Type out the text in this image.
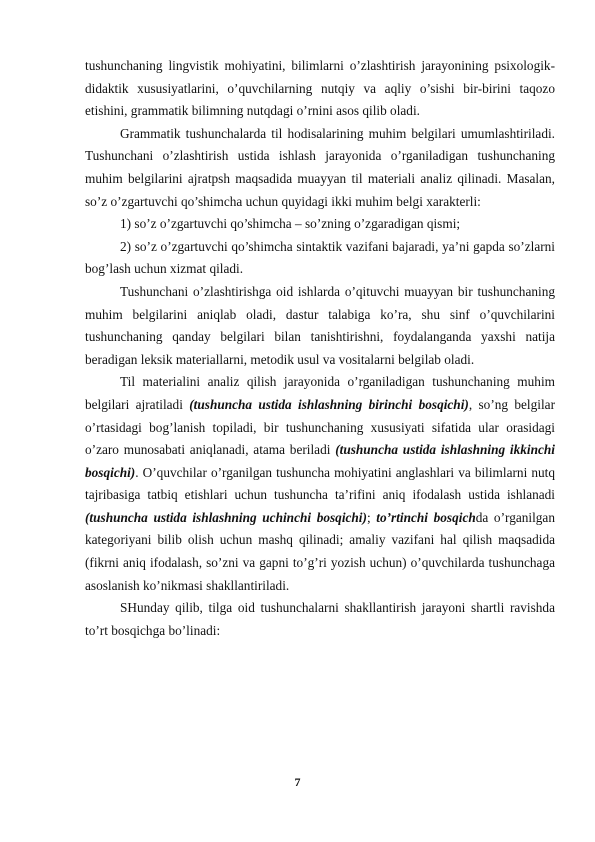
tushunchaning lingvistik mohiyatini, bilimlarni o’zlashtirish jarayonining psixologik-didaktik xususiyatlarini, o’quvchilarning nutqiy va aqliy o’sishi bir-birini taqozo etishini, grammatik bilimning nutqdagi o’rnini asos qilib oladi.

Grammatik tushunchalarda til hodisalarining muhim belgilari umumlashtiriladi. Tushunchani o’zlashtirish ustida ishlash jarayonida o’rganiladigan tushunchaning muhim belgilarini ajratpsh maqsadida muayyan til materiali analiz qilinadi. Masalan, so’z o’zgartuvchi qo’shimcha uchun quyidagi ikki muhim belgi xarakterli:

1) so’z o’zgartuvchi qo’shimcha – so’zning o’zgaradigan qismi;

2) so’z o’zgartuvchi qo’shimcha sintaktik vazifani bajaradi, ya’ni gapda so’zlarni bog’lash uchun xizmat qiladi.

Tushunchani o’zlashtirishga oid ishlarda o’qituvchi muayyan bir tushunchaning muhim belgilarini aniqlab oladi, dastur talabiga ko’ra, shu sinf o’quvchilarini tushunchaning qanday belgilari bilan tanishtirishni, foydalanganda yaxshi natija beradigan leksik materiallarni, metodik usul va vositalarni belgilab oladi.

Til materialini analiz qilish jarayonida o’rganiladigan tushunchaning muhim belgilari ajratiladi (tushuncha ustida ishlashning birinchi bosqichi), so’ng belgilar o’rtasidagi bog’lanish topiladi, bir tushunchaning xususiyati sifatida ular orasidagi o’zaro munosabati aniqlanadi, atama beriladi (tushuncha ustida ishlashning ikkinchi bosqichi). O’quvchilar o’rganilgan tushuncha mohiyatini anglashlari va bilimlarni nutq tajribasiga tatbiq etishlari uchun tushuncha ta’rifini aniq ifodalash ustida ishlanadi (tushuncha ustida ishlashning uchinchi bosqichi); to’rtinchi bosqichda o’rganilgan kategoriyani bilib olish uchun mashq qilinadi; amaliy vazifani hal qilish maqsadida (fikrni aniq ifodalash, so’zni va gapni to’g’ri yozish uchun) o’quvchilarda tushunchaga asoslanish ko’nikmasi shakllantiriladi.

SHunday qilib, tilga oid tushunchalarni shakllantirish jarayoni shartli ravishda to’rt bosqichga bo’linadi:

7
